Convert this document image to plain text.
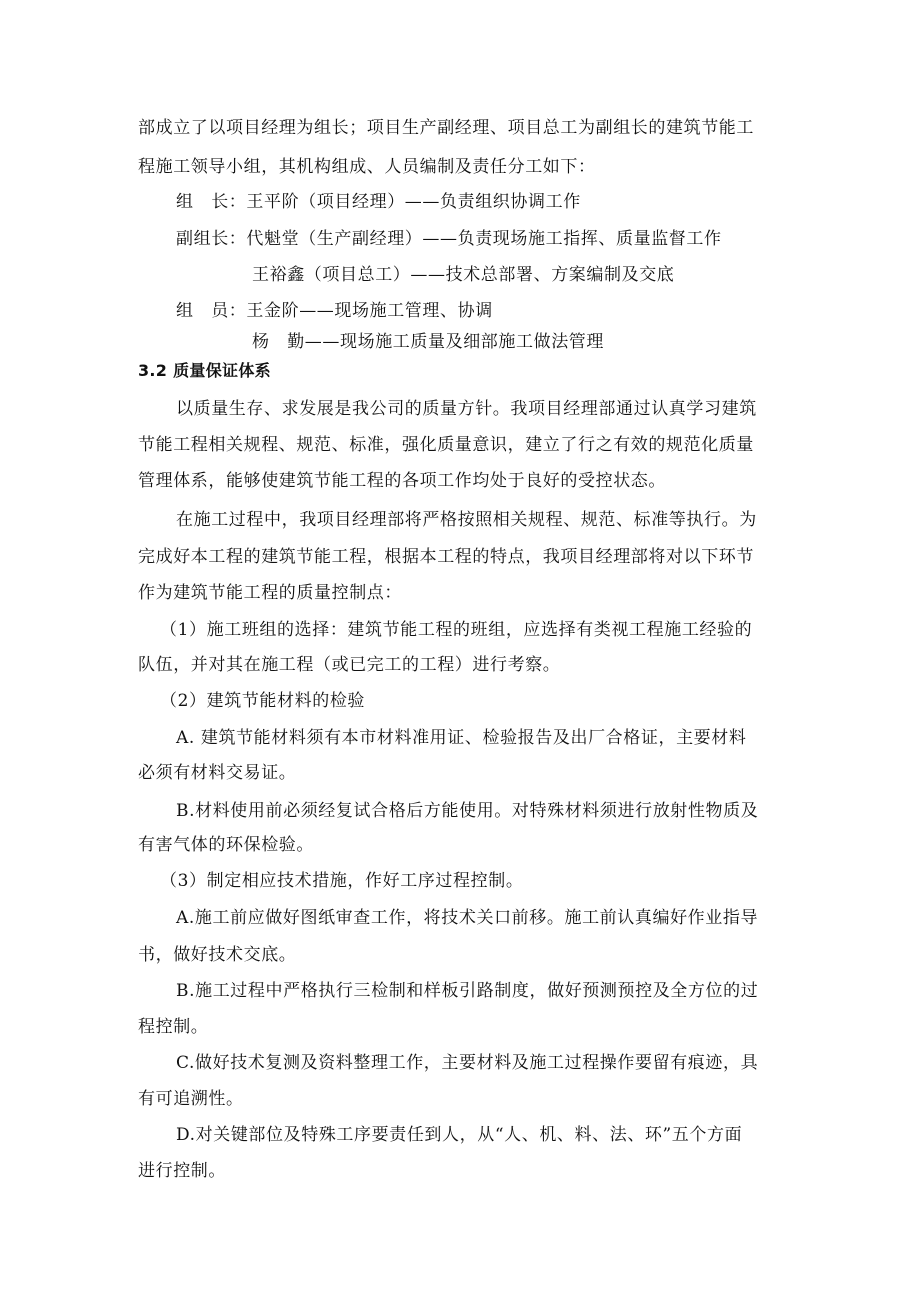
部成立了以项目经理为组长；项目生产副经理、项目总工为副组长的建筑节能工
程施工领导小组，其机构组成、人员编制及责任分工如下：
组　长：王平阶（项目经理）——负责组织协调工作
副组长：代魁堂（生产副经理）——负责现场施工指挥、质量监督工作
王裕鑫（项目总工）——技术总部署、方案编制及交底
组　员：王金阶——现场施工管理、协调
杨　勤——现场施工质量及细部施工做法管理
3.2 质量保证体系
以质量生存、求发展是我公司的质量方针。我项目经理部通过认真学习建筑
节能工程相关规程、规范、标准，强化质量意识，建立了行之有效的规范化质量
管理体系，能够使建筑节能工程的各项工作均处于良好的受控状态。
在施工过程中，我项目经理部将严格按照相关规程、规范、标准等执行。为
完成好本工程的建筑节能工程，根据本工程的特点，我项目经理部将对以下环节
作为建筑节能工程的质量控制点：
（1）施工班组的选择：建筑节能工程的班组，应选择有类视工程施工经验的
队伍，并对其在施工程（或已完工的工程）进行考察。
（2）建筑节能材料的检验
A. 建筑节能材料须有本市材料准用证、检验报告及出厂合格证，主要材料
必须有材料交易证。
B.材料使用前必须经复试合格后方能使用。对特殊材料须进行放射性物质及
有害气体的环保检验。
（3）制定相应技术措施，作好工序过程控制。
A.施工前应做好图纸审查工作，将技术关口前移。施工前认真编好作业指导
书，做好技术交底。
B.施工过程中严格执行三检制和样板引路制度，做好预测预控及全方位的过
程控制。
C.做好技术复测及资料整理工作，主要材料及施工过程操作要留有痕迹，具
有可追溯性。
D.对关键部位及特殊工序要责任到人，从“人、机、料、法、环”五个方面
进行控制。
